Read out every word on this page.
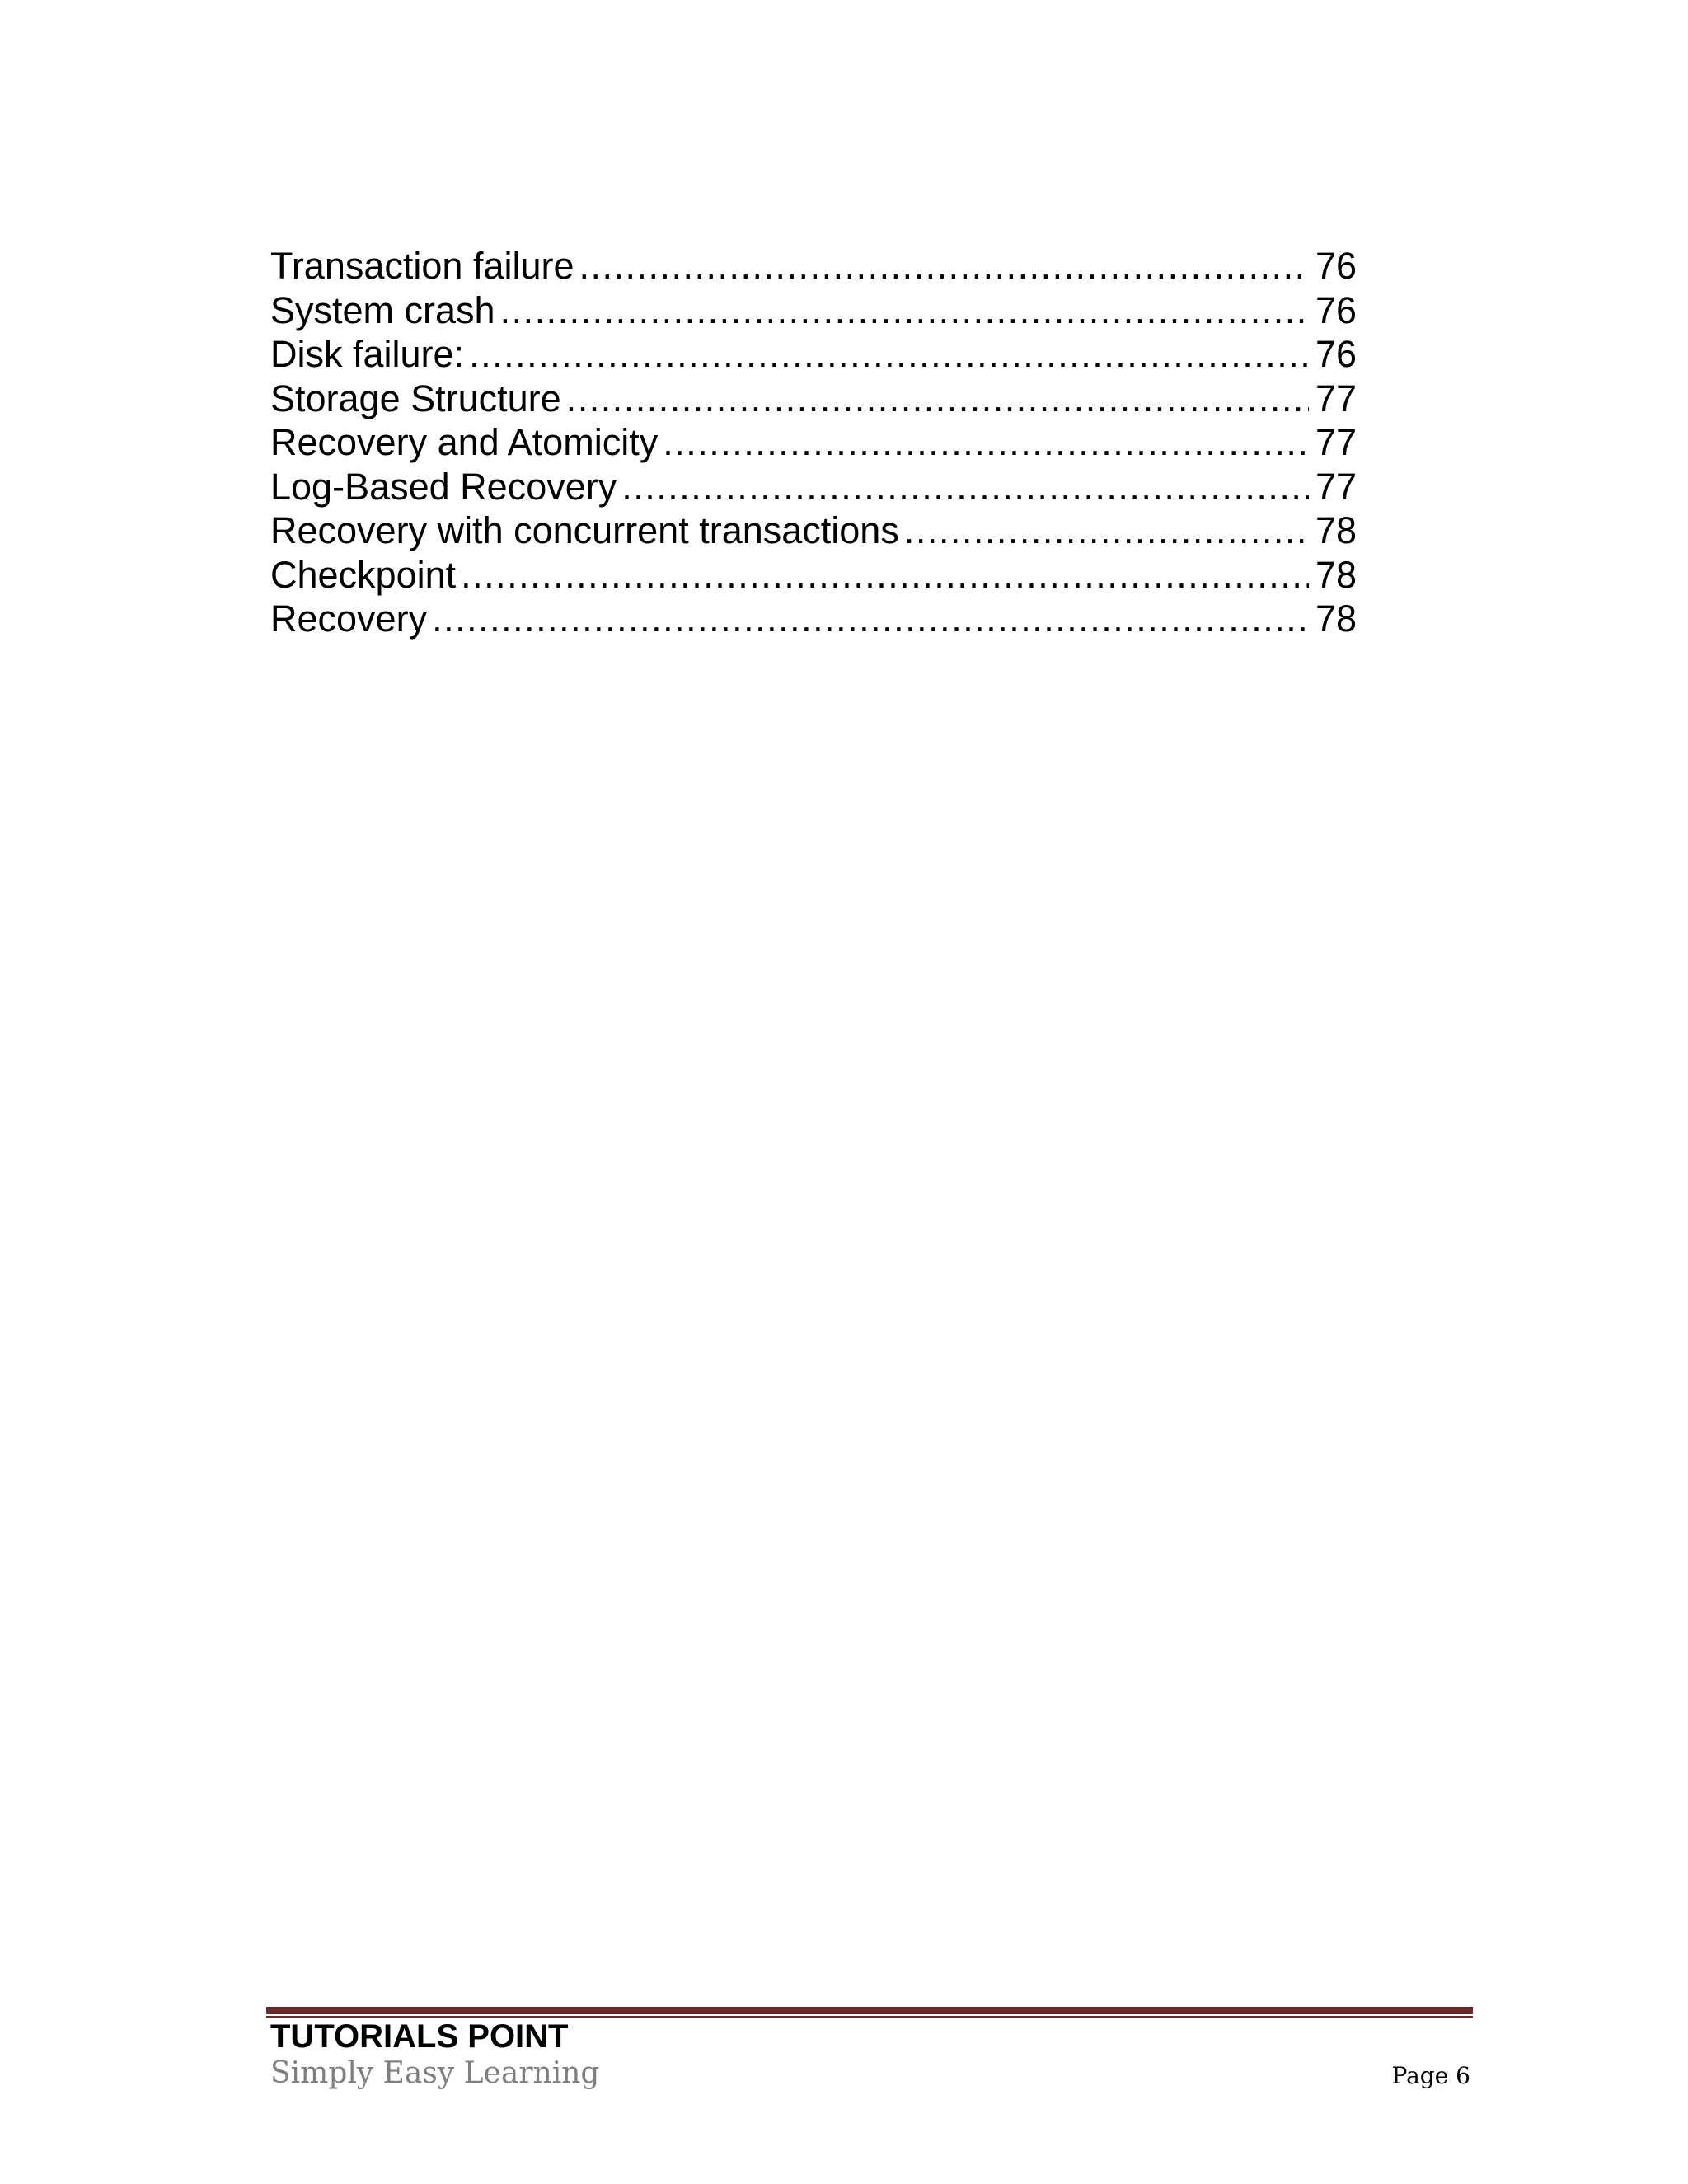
Transaction failure .....	76
System crash .....	76
Disk failure: .....	76
Storage Structure .....	77
Recovery and Atomicity .....	77
Log-Based Recovery .....	77
Recovery with concurrent transactions .....	78
Checkpoint .....	78
Recovery .....	78
TUTORIALS POINT
Simply Easy Learning	Page 6
